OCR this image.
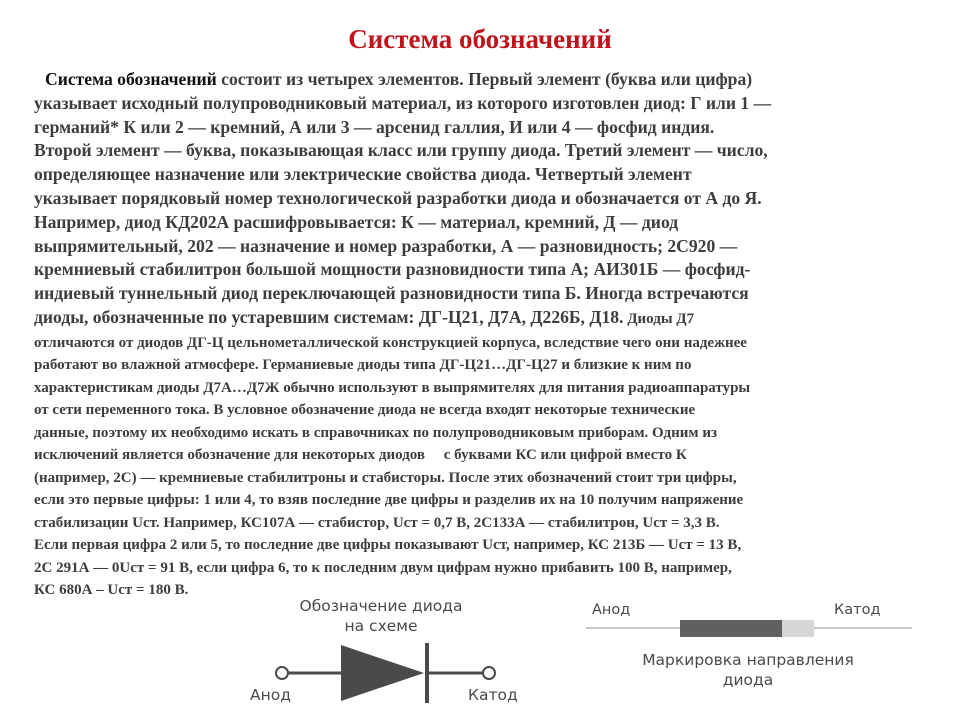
Система обозначений
Система обозначений состоит из четырех элементов. Первый элемент (буква или цифра)
указывает исходный полупроводниковый материал, из которого изготовлен диод: Г или 1 —
германий* К или 2 — кремний, А или 3 — арсенид галлия, И или 4 — фосфид индия.
Второй элемент — буква, показывающая класс или группу диода. Третий элемент — число,
определяющее назначение или электрические свойства диода. Четвертый элемент
указывает порядковый номер технологической разработки диода и обозначается от А до Я.
Например, диод КД202А расшифровывается: К — материал, кремний, Д — диод
выпрямительный, 202 — назначение и номер разработки, А — разновидность; 2С920 —
кремниевый стабилитрон большой мощности разновидности типа А; АИЗ01Б — фосфид-
индиевый туннельный диод переключающей разновидности типа Б. Иногда встречаются
диоды, обозначенные по устаревшим системам: ДГ-Ц21, Д7А, Д226Б, Д18. Диоды Д7
отличаются от диодов ДГ-Ц цельнометаллической конструкцией корпуса, вследствие чего они надежнее
работают во влажной атмосфере. Германиевые диоды типа ДГ-Ц21…ДГ-Ц27 и близкие к ним по
характеристикам диоды Д7А…Д7Ж обычно используют в выпрямителях для питания радиоаппаратуры
от сети переменного тока. В условное обозначение диода не всегда входят некоторые технические
данные, поэтому их необходимо искать в справочниках по полупроводниковым приборам. Одним из
исключений является обозначение для некоторых диодов     с буквами КС или цифрой вместо К
(например, 2С) — кремниевые стабилитроны и стабисторы. После этих обозначений стоит три цифры,
если это первые цифры: 1 или 4, то взяв последние две цифры и разделив их на 10 получим напряжение
стабилизации Uст. Например, КС107А — стабистор, Uст = 0,7 В, 2С133А — стабилитрон, Uст = 3,3 В.
Если первая цифра 2 или 5, то последние две цифры показывают Uст, например, КС 213Б — Uст = 13 В,
2С 291А — 0Uст = 91 В, если цифра 6, то к последним двум цифрам нужно прибавить 100 В, например,
КС 680А – Uст = 180 В.
Обозначение диода
на схеме
Анод	Катод
Анод	Катод
Маркировка направления
диода
